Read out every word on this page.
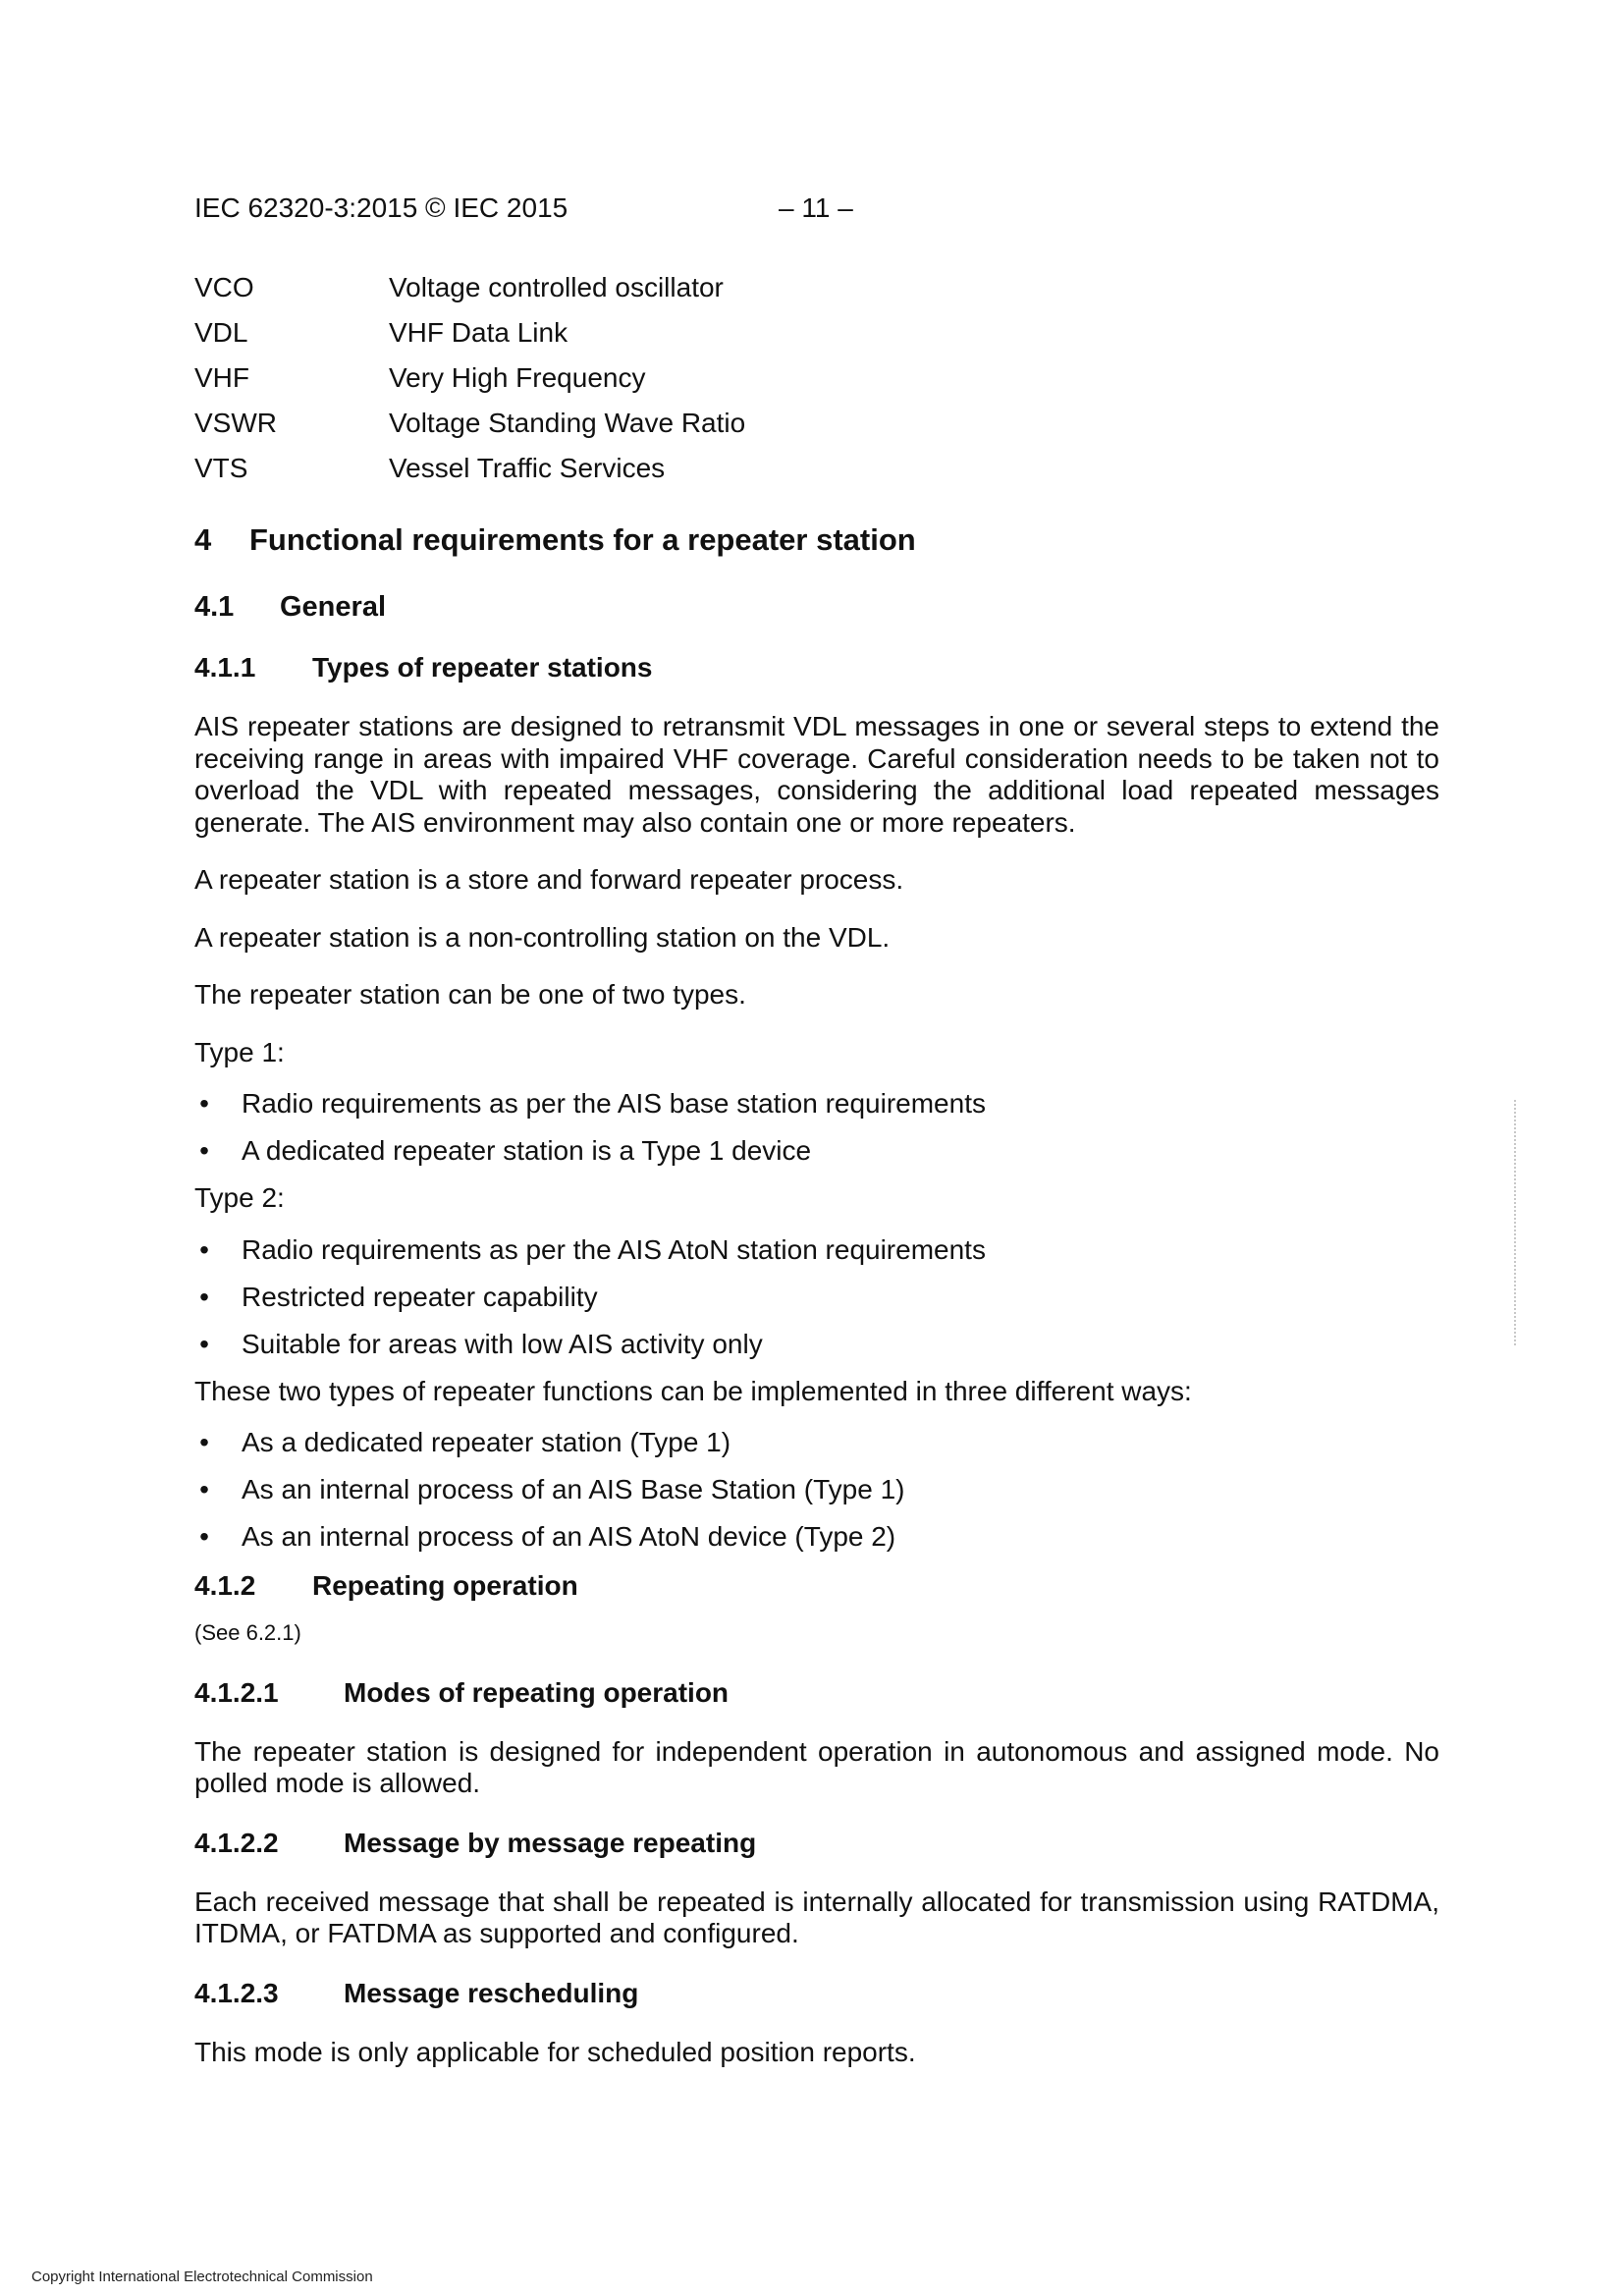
IEC 62320-3:2015 © IEC 2015	– 11 –
VCO	Voltage controlled oscillator
VDL	VHF Data Link
VHF	Very High Frequency
VSWR	Voltage Standing Wave Ratio
VTS	Vessel Traffic Services
4	Functional requirements for a repeater station
4.1	General
4.1.1	Types of repeater stations

AIS repeater stations are designed to retransmit VDL messages in one or several steps to extend the receiving range in areas with impaired VHF coverage. Careful consideration needs to be taken not to overload the VDL with repeated messages, considering the additional load repeated messages generate. The AIS environment may also contain one or more repeaters.

A repeater station is a store and forward repeater process.

A repeater station is a non-controlling station on the VDL.

The repeater station can be one of two types.

Type 1:

• Radio requirements as per the AIS base station requirements
• A dedicated repeater station is a Type 1 device

Type 2:

• Radio requirements as per the AIS AtoN station requirements
• Restricted repeater capability
• Suitable for areas with low AIS activity only

These two types of repeater functions can be implemented in three different ways:

• As a dedicated repeater station (Type 1)
• As an internal process of an AIS Base Station (Type 1)
• As an internal process of an AIS AtoN device (Type 2)
4.1.2	Repeating operation

(See 6.2.1)

4.1.2.1	Modes of repeating operation

The repeater station is designed for independent operation in autonomous and assigned mode. No polled mode is allowed.

4.1.2.2	Message by message repeating

Each received message that shall be repeated is internally allocated for transmission using RATDMA, ITDMA, or FATDMA as supported and configured.

4.1.2.3	Message rescheduling

This mode is only applicable for scheduled position reports.

Copyright International Electrotechnical Commission
